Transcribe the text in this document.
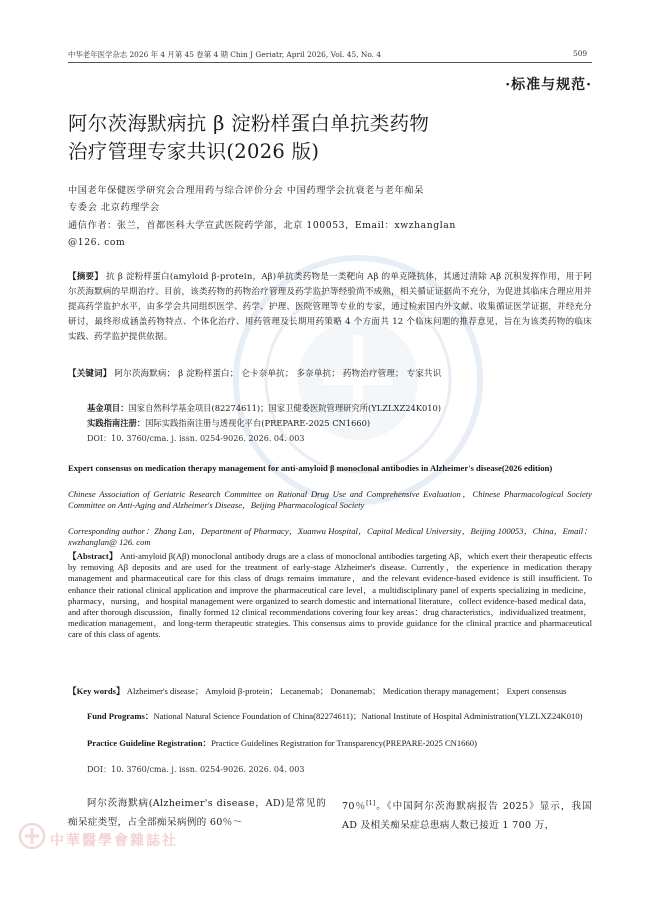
中华老年医学杂志 2026 年 4 月第 45 卷第 4 期 Chin J Geriatr, April 2026, Vol. 45, No. 4	509
·标准与规范·
阿尔茨海默病抗 β 淀粉样蛋白单抗类药物
治疗管理专家共识(2026 版)
中国老年保健医学研究会合理用药与综合评价分会 中国药理学会抗衰老与老年痴呆
专委会 北京药理学会
通信作者：张兰，首都医科大学宣武医院药学部，北京 100053，Email：xwzhanglan
@126. com
【摘要】 抗 β 淀粉样蛋白(amyloid β-protein，Aβ)单抗类药物是一类靶向 Aβ 的单克隆抗体，其通过清除 Aβ 沉积发挥作用，用于阿尔茨海默病的早期治疗。目前，该类药物的药物治疗管理及药学监护等经验尚不成熟，相关循证证据尚不充分，为促进其临床合理应用并提高药学监护水平，由多学会共同组织医学、药学、护理、医院管理等专业的专家，通过检索国内外文献、收集循证医学证据，并经充分研讨，最终形成涵盖药物特点、个体化治疗、用药管理及长期用药策略 4 个方面共 12 个临床问题的推荐意见，旨在为该类药物的临床实践、药学监护提供依据。
【关键词】 阿尔茨海默病； β 淀粉样蛋白； 仑卡奈单抗； 多奈单抗； 药物治疗管理； 专家共识
基金项目：国家自然科学基金项目(82274611)；国家卫健委医院管理研究所(YLZLXZ24K010)
实践指南注册：国际实践指南注册与透视化平台(PREPARE-2025 CN1660)
DOI：10. 3760/cma. j. issn. 0254-9026. 2026. 04. 003
Expert consensus on medication therapy management for anti-amyloid β monoclonal antibodies in Alzheimer's disease(2026 edition)
Chinese Association of Geriatric Research Committee on Rational Drug Use and Comprehensive Evaluation，Chinese Pharmacological Society Committee on Anti-Aging and Alzheimer's Disease，Beijing Pharmacological Society
Corresponding author：Zhang Lan，Department of Pharmacy，Xuanwu Hospital，Capital Medical University，Beijing 100053，China，Email：xwzhanglan@ 126. com
【Abstract】 Anti-amyloid β(Aβ) monoclonal antibody drugs are a class of monoclonal antibodies targeting Aβ，which exert their therapeutic effects by removing Aβ deposits and are used for the treatment of early-stage Alzheimer's disease. Currently，the experience in medication therapy management and pharmaceutical care for this class of drugs remains immature，and the relevant evidence-based evidence is still insufficient. To enhance their rational clinical application and improve the pharmaceutical care level，a multidisciplinary panel of experts specializing in medicine，pharmacy，nursing，and hospital management were organized to search domestic and international literature，collect evidence-based medical data，and after thorough discussion，finally formed 12 clinical recommendations covering four key areas：drug characteristics，individualized treatment，medication management，and long-term therapeutic strategies. This consensus aims to provide guidance for the clinical practice and pharmaceutical care of this class of agents.
【Key words】 Alzheimer's disease； Amyloid β-protein； Lecanemab； Donanemab； Medication therapy management； Expert consensus
Fund Programs：National Natural Science Foundation of China(82274611)；National Institute of Hospital Administration(YLZLXZ24K010)
Practice Guideline Registration：Practice Guidelines Registration for Transparency(PREPARE-2025 CN1660)
DOI：10. 3760/cma. j. issn. 0254-9026. 2026. 04. 003
阿尔茨海默病(Alzheimer's disease，AD)是常见的痴呆症类型，占全部痴呆病例的 60％～
70％[1]。《中国阿尔茨海默病报告 2025》显示，我国 AD 及相关痴呆症总患病人数已接近 1 700 万，
中華醫學會雜誌社
